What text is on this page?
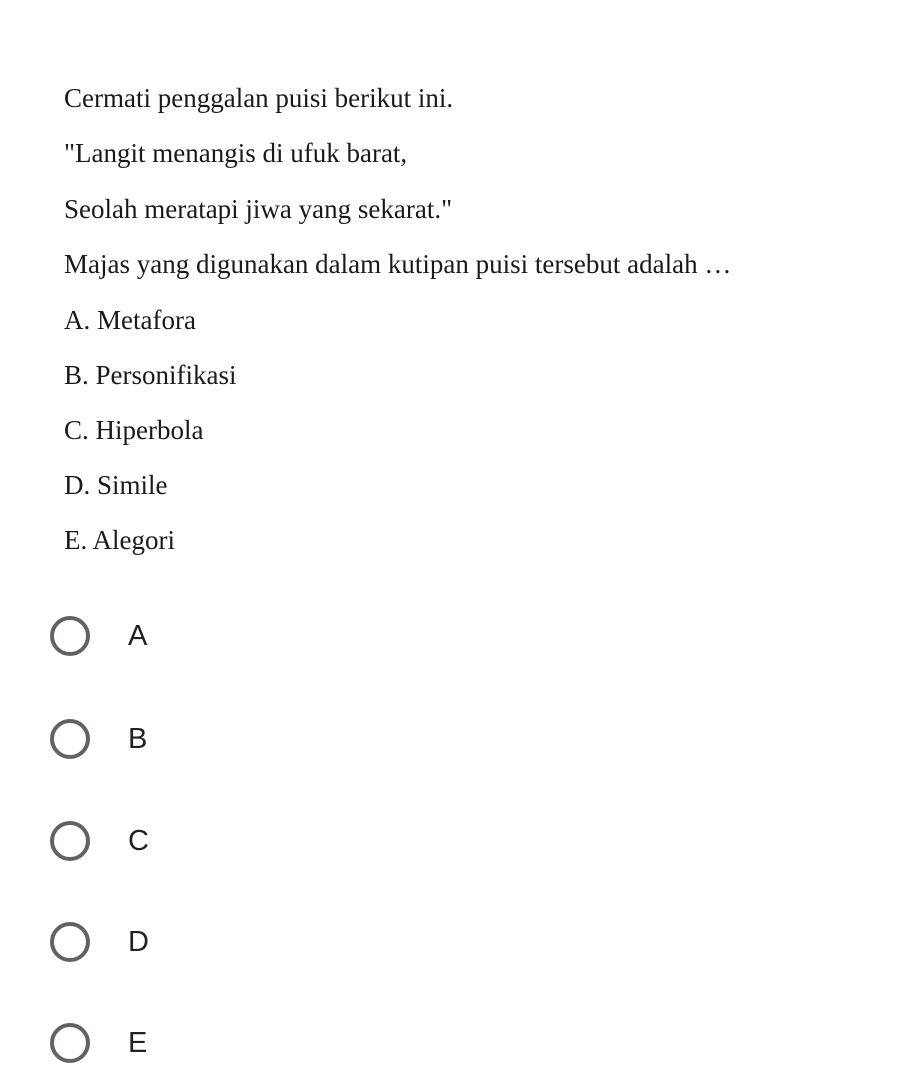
Cermati penggalan puisi berikut ini.
"Langit menangis di ufuk barat,
Seolah meratapi jiwa yang sekarat."
Majas yang digunakan dalam kutipan puisi tersebut adalah …
A. Metafora
B. Personifikasi
C. Hiperbola
D. Simile
E. Alegori
A
B
C
D
E
